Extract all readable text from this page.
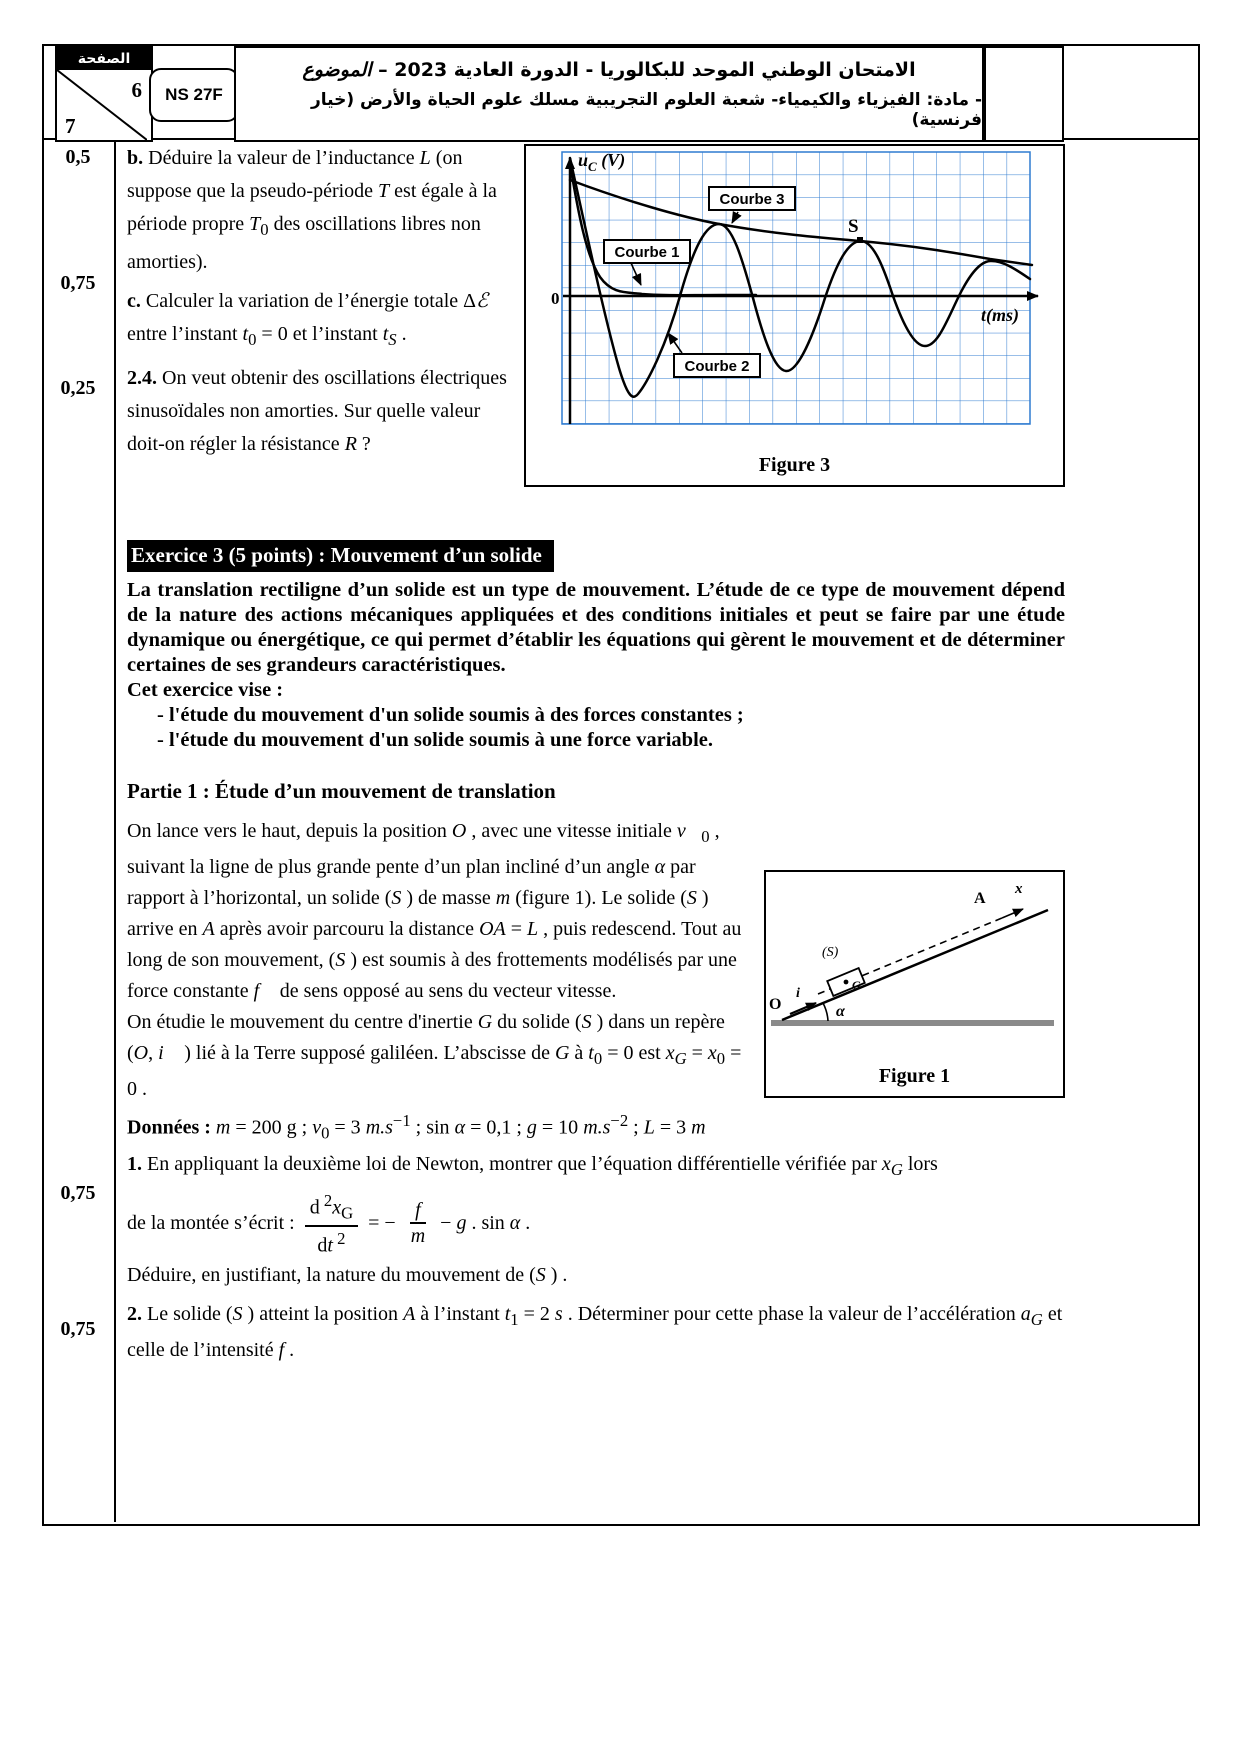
الصفحة
6
7
NS 27F
الامتحان الوطني الموحد للبكالوريا - الدورة العادية 2023 – الموضوع
- مادة: الفيزياء والكيمياء- شعبة العلوم التجريبية مسلك علوم الحياة والأرض (خيار فرنسية)
0,5
0,75
0,25
0,75
0,75
S
Courbe 1
Courbe 3
Courbe 2
0
t(ms)
$u_C$ (V)
Figure 3
b. Déduire la valeur de l’inductance L (on suppose que la pseudo-période T est égale à la période propre $T_0$ des oscillations libres non amorties).
c. Calculer la variation de l’énergie totale Δℰ entre l’instant $t_0 = 0$ et l’instant $t_S$ .
2.4. On veut obtenir des oscillations électriques sinusoïdales non amorties. Sur quelle valeur doit-on régler la résistance R ?
Exercice 3 (5 points) : Mouvement d’un solide
La translation rectiligne d’un solide est un type de mouvement. L’étude de ce type de mouvement dépend de la nature des actions mécaniques appliquées et des conditions initiales et peut se faire par une étude dynamique ou énergétique, ce qui permet d’établir les équations qui gèrent le mouvement et de déterminer certaines de ses grandeurs caractéristiques.
Cet exercice vise :
- l'étude du mouvement d'un solide soumis à des forces constantes ;
- l'étude du mouvement d'un solide soumis à une force variable.
Partie 1 : Étude d’un mouvement de translation
G
(S)
O
i⃗
α
A
x
Figure 1
On lance vers le haut, depuis la position O , avec une vitesse initiale $v⃗_0$ , suivant la ligne de plus grande pente d’un plan incliné d’un angle α par rapport à l’horizontal, un solide (S ) de masse m (figure 1). Le solide (S ) arrive en A après avoir parcouru la distance OA = L , puis redescend. Tout au long de son mouvement, (S ) est soumis à des frottements modélisés par une force constante f⃗ de sens opposé au sens du vecteur vitesse.
On étudie le mouvement du centre d'inertie G du solide (S ) dans un repère (O, i⃗ ) lié à la Terre supposé galiléen. L’abscisse de G à $t_0 = 0$ est $x_G = x_0 = 0$ .
Données : m = 200 g ; $v_0 = 3$ $m.s^{-1}$ ; sin α = 0,1 ; g = 10 $m.s^{-2}$ ; L = 3 m
1. En appliquant la deuxième loi de Newton, montrer que l’équation différentielle vérifiée par $x_G$ lors
de la montée s’écrit : $\frac{d ^2x_G}{dt ^2}$ = − $\frac{f}{m} - g$ . sin α .
Déduire, en justifiant, la nature du mouvement de (S ) .
2. Le solide (S ) atteint la position A à l’instant $t_1 = 2$ s . Déterminer pour cette phase la valeur de l’accélération $a_G$ et celle de l’intensité f .
